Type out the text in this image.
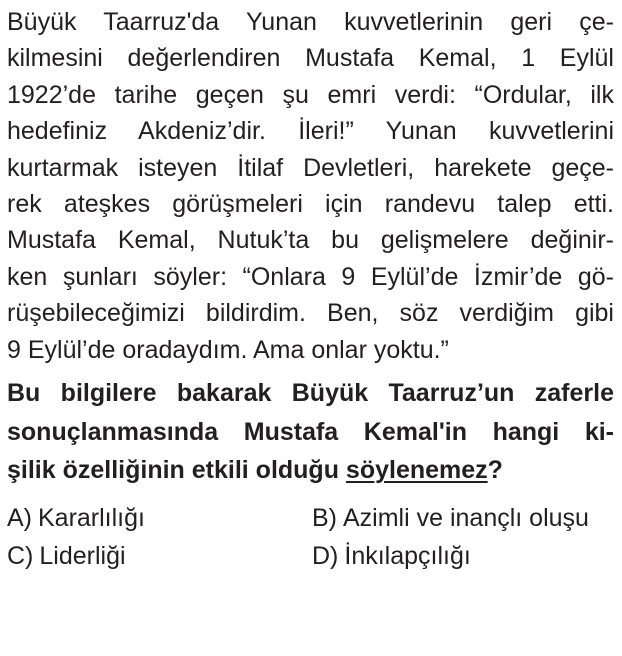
Büyük Taarruz'da Yunan kuvvetlerinin geri çe-
kilmesini değerlendiren Mustafa Kemal, 1 Eylül
1922’de tarihe geçen şu emri verdi: “Ordular, ilk
hedefiniz Akdeniz’dir. İleri!” Yunan kuvvetlerini
kurtarmak isteyen İtilaf Devletleri, harekete geçe-
rek ateşkes görüşmeleri için randevu talep etti.
Mustafa Kemal, Nutuk’ta bu gelişmelere değinir-
ken şunları söyler: “Onlara 9 Eylül’de İzmir’de gö-
rüşebileceğimizi bildirdim. Ben, söz verdiğim gibi
9 Eylül’de oradaydım. Ama onlar yoktu.”
Bu bilgilere bakarak Büyük Taarruz’un zaferle
sonuçlanmasında Mustafa Kemal'in hangi ki-
şilik özelliğinin etkili olduğu söylenemez?
A) Kararlılığı	B) Azimli ve inançlı oluşu
C) Liderliği	D) İnkılapçılığı
